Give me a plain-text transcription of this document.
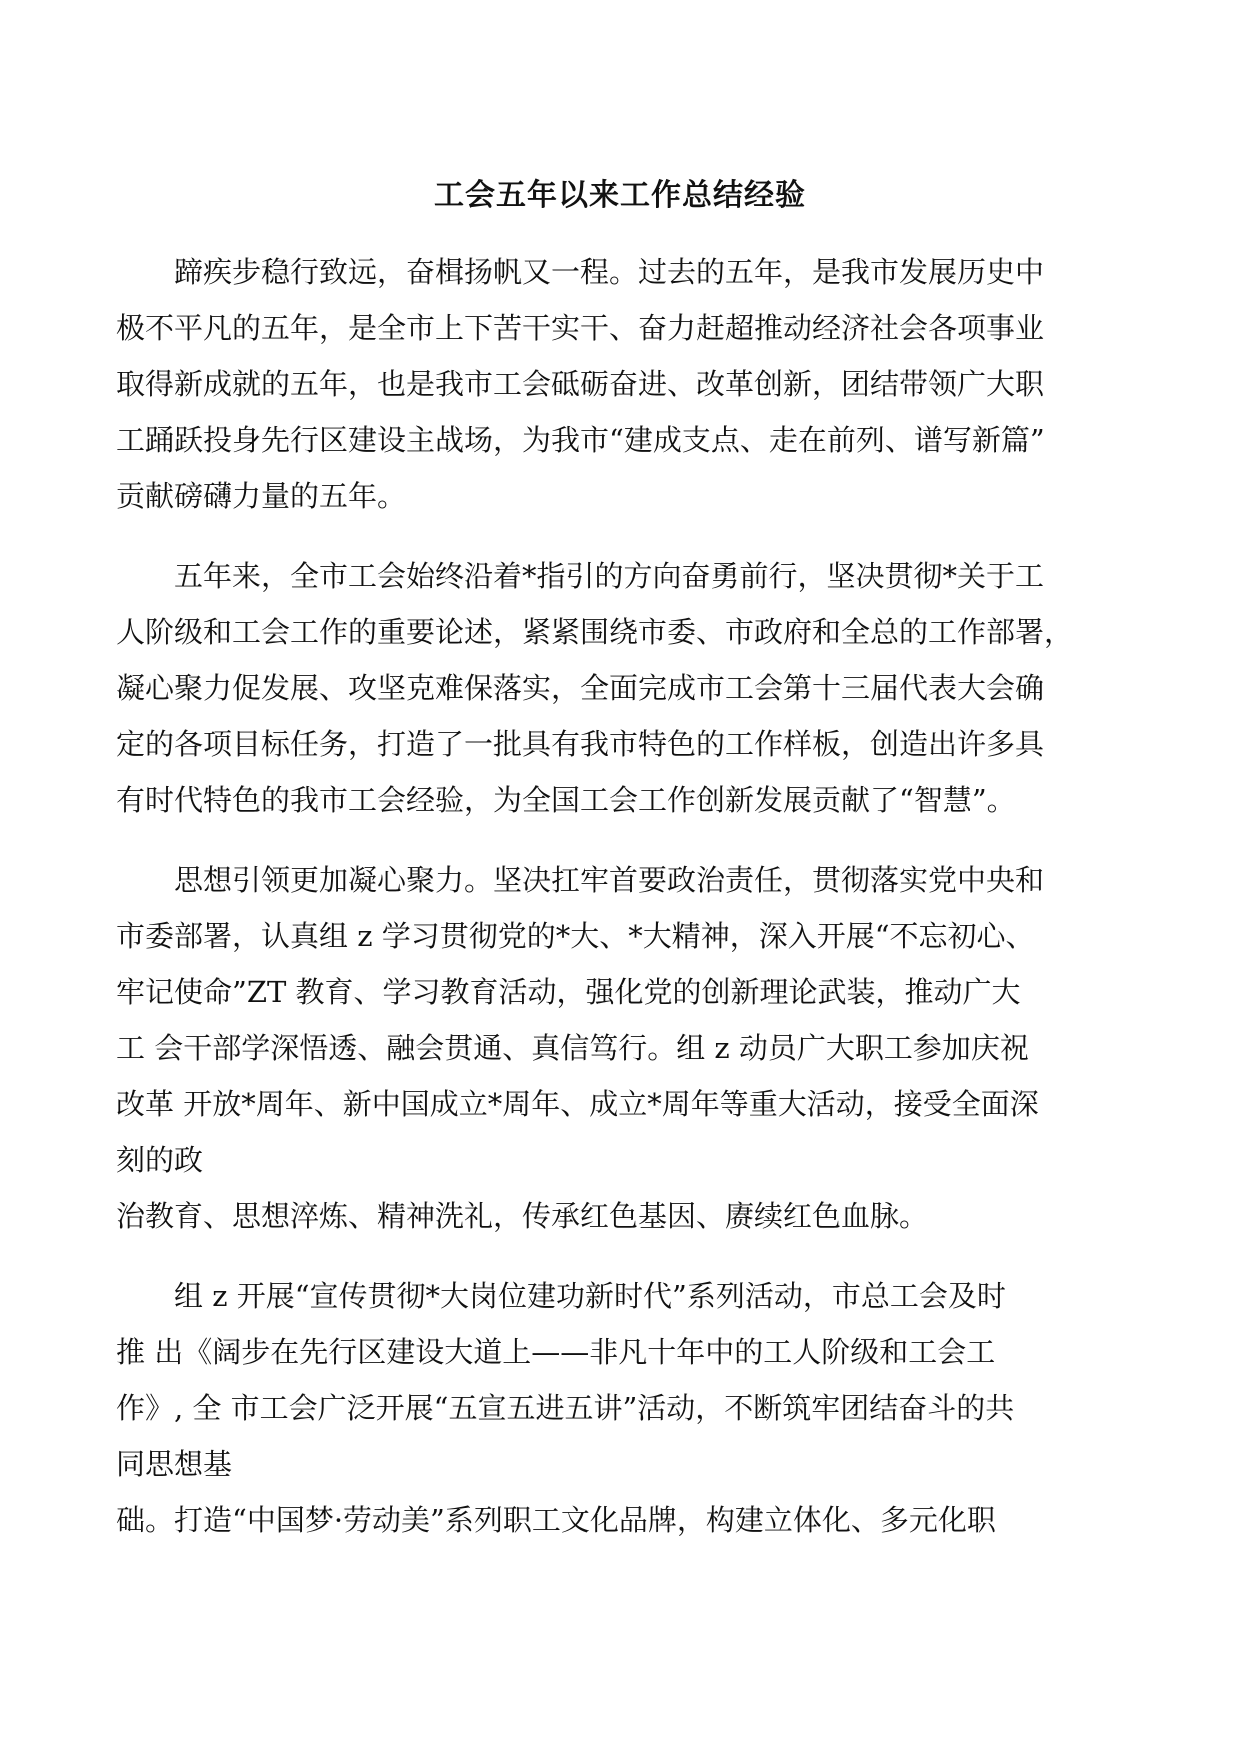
工会五年以来工作总结经验

蹄疾步稳行致远，奋楫扬帆又一程。过去的五年，是我市发展历史中
极不平凡的五年，是全市上下苦干实干、奋力赶超推动经济社会各项事业
取得新成就的五年，也是我市工会砥砺奋进、改革创新，团结带领广大职
工踊跃投身先行区建设主战场，为我市“建成支点、走在前列、谱写新篇”
贡献磅礴力量的五年。

五年来，全市工会始终沿着*指引的方向奋勇前行，坚决贯彻*关于工
人阶级和工会工作的重要论述，紧紧围绕市委、市政府和全总的工作部署，
凝心聚力促发展、攻坚克难保落实，全面完成市工会第十三届代表大会确
定的各项目标任务，打造了一批具有我市特色的工作样板，创造出许多具
有时代特色的我市工会经验，为全国工会工作创新发展贡献了“智慧”。

思想引领更加凝心聚力。坚决扛牢首要政治责任，贯彻落实党中央和
市委部署，认真组 z 学习贯彻党的*大、*大精神，深入开展“不忘初心、
牢记使命”ZT 教育、学习教育活动，强化党的创新理论武装，推动广大
工 会干部学深悟透、融会贯通、真信笃行。组 z 动员广大职工参加庆祝
改革 开放*周年、新中国成立*周年、成立*周年等重大活动，接受全面深
刻的政
治教育、思想淬炼、精神洗礼，传承红色基因、赓续红色血脉。

组 z 开展“宣传贯彻*大岗位建功新时代”系列活动，市总工会及时
推 出《阔步在先行区建设大道上——非凡十年中的工人阶级和工会工
作》, 全 市工会广泛开展“五宣五进五讲”活动，不断筑牢团结奋斗的共
同思想基
础。打造“中国梦·劳动美”系列职工文化品牌，构建立体化、多元化职
